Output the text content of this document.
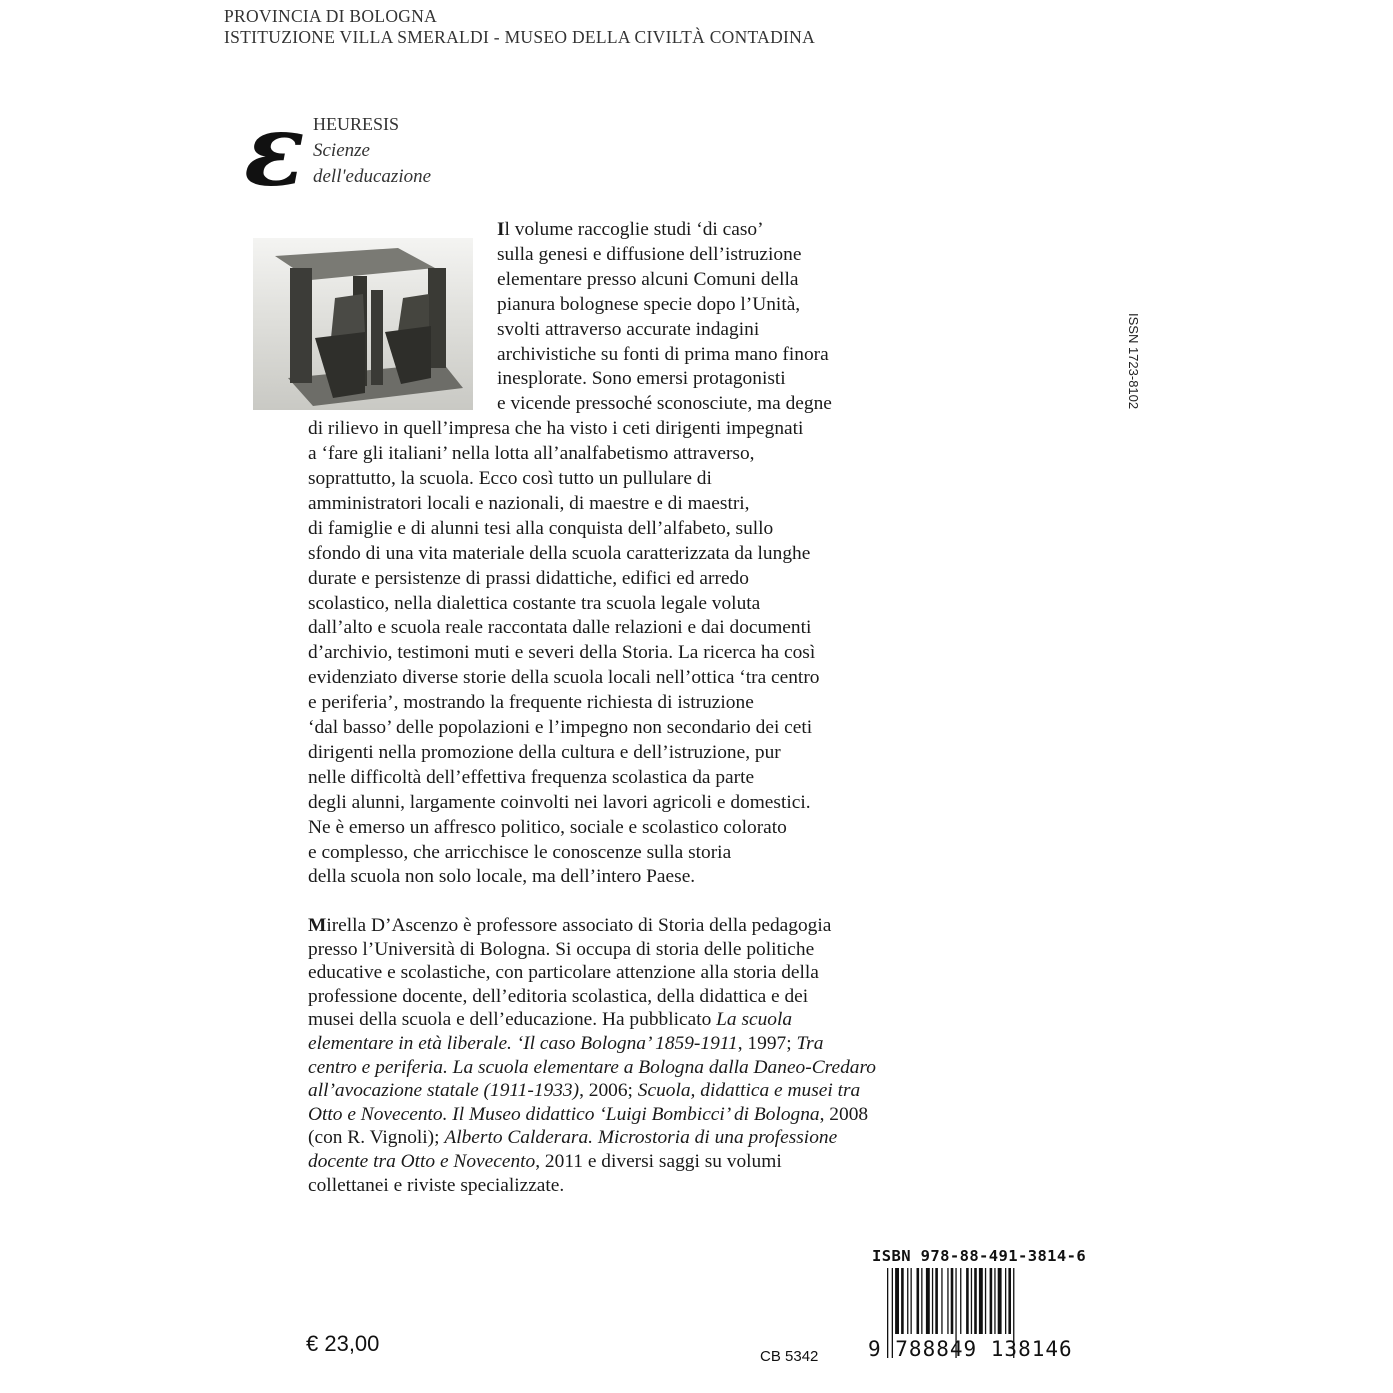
PROVINCIA DI BOLOGNA
ISTITUZIONE VILLA SMERALDI - MUSEO DELLA CIVILTÀ CONTADINA
ε HEURESIS
Scienze
dell'educazione
Il volume raccoglie studi ‘di caso’
sulla genesi e diffusione dell’istruzione
elementare presso alcuni Comuni della
pianura bolognese specie dopo l’Unità,
svolti attraverso accurate indagini
archivistiche su fonti di prima mano finora
inesplorate. Sono emersi protagonisti
e vicende pressoché sconosciute, ma degne
di rilievo in quell’impresa che ha visto i ceti dirigenti impegnati
a ‘fare gli italiani’ nella lotta all’analfabetismo attraverso,
soprattutto, la scuola. Ecco così tutto un pullulare di
amministratori locali e nazionali, di maestre e di maestri,
di famiglie e di alunni tesi alla conquista dell’alfabeto, sullo
sfondo di una vita materiale della scuola caratterizzata da lunghe
durate e persistenze di prassi didattiche, edifici ed arredo
scolastico, nella dialettica costante tra scuola legale voluta
dall’alto e scuola reale raccontata dalle relazioni e dai documenti
d’archivio, testimoni muti e severi della Storia. La ricerca ha così
evidenziato diverse storie della scuola locali nell’ottica ‘tra centro
e periferia’, mostrando la frequente richiesta di istruzione
‘dal basso’ delle popolazioni e l’impegno non secondario dei ceti
dirigenti nella promozione della cultura e dell’istruzione, pur
nelle difficoltà dell’effettiva frequenza scolastica da parte
degli alunni, largamente coinvolti nei lavori agricoli e domestici.
Ne è emerso un affresco politico, sociale e scolastico colorato
e complesso, che arricchisce le conoscenze sulla storia
della scuola non solo locale, ma dell’intero Paese.
Mirella D’Ascenzo è professore associato di Storia della pedagogia
presso l’Università di Bologna. Si occupa di storia delle politiche
educative e scolastiche, con particolare attenzione alla storia della
professione docente, dell’editoria scolastica, della didattica e dei
musei della scuola e dell’educazione. Ha pubblicato La scuola
elementare in età liberale. ‘Il caso Bologna’ 1859-1911, 1997; Tra
centro e periferia. La scuola elementare a Bologna dalla Daneo-Credaro
all’avocazione statale (1911-1933), 2006; Scuola, didattica e musei tra
Otto e Novecento. Il Museo didattico ‘Luigi Bombicci’ di Bologna, 2008
(con R. Vignoli); Alberto Calderara. Microstoria di una professione
docente tra Otto e Novecento, 2011 e diversi saggi su volumi
collettanei e riviste specializzate.
ISSN 1723-8102
€ 23,00
CB 5342
ISBN 978-88-491-3814-6
9 788849 138146
